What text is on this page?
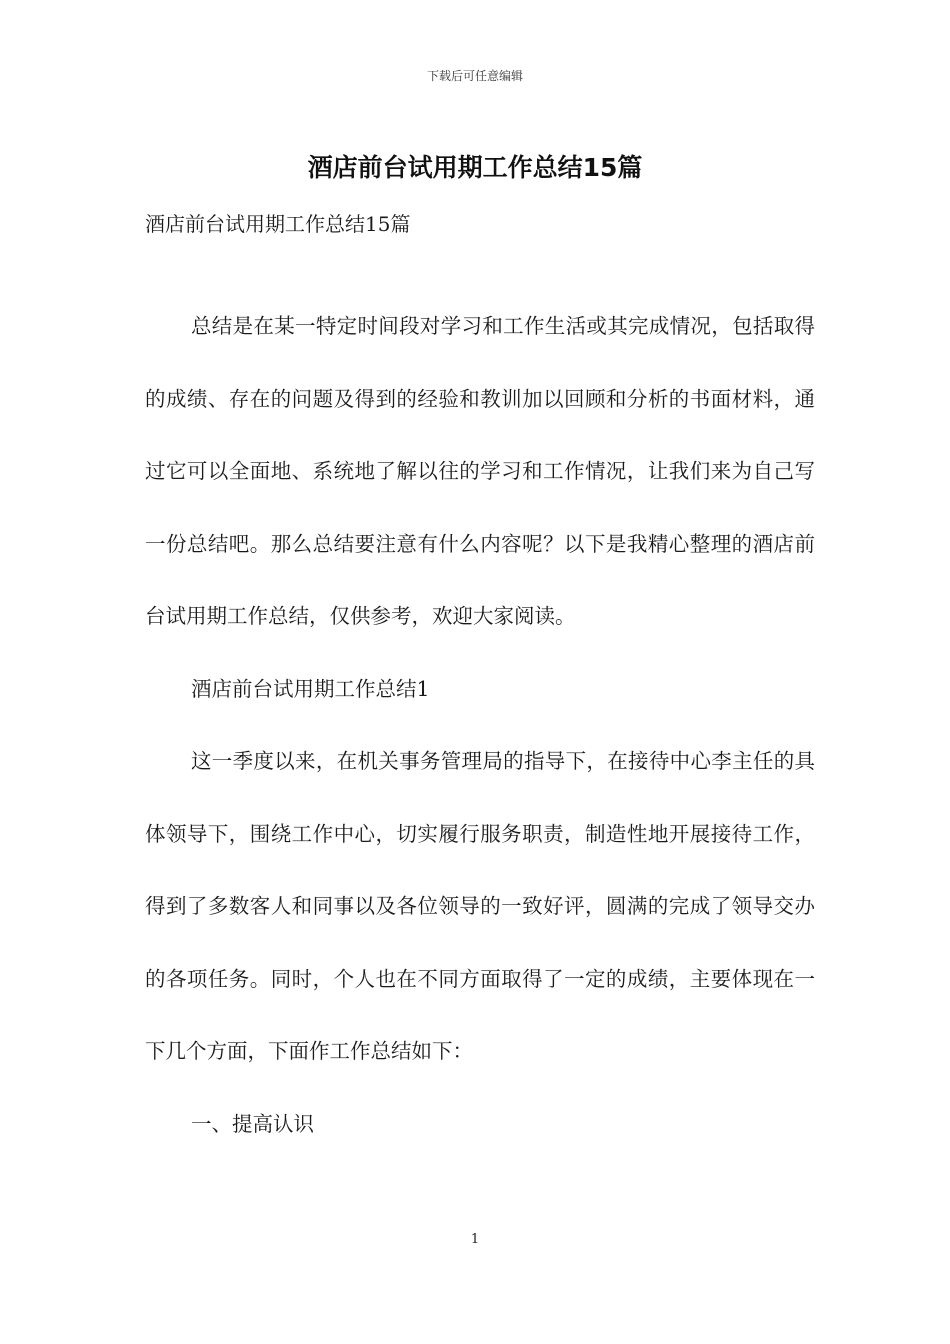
下载后可任意编辑
酒店前台试用期工作总结15篇

酒店前台试用期工作总结15篇

总结是在某一特定时间段对学习和工作生活或其完成情况，包括取得的成绩、存在的问题及得到的经验和教训加以回顾和分析的书面材料，通过它可以全面地、系统地了解以往的学习和工作情况，让我们来为自己写一份总结吧。那么总结要注意有什么内容呢？以下是我精心整理的酒店前台试用期工作总结，仅供参考，欢迎大家阅读。

酒店前台试用期工作总结1

这一季度以来，在机关事务管理局的指导下，在接待中心李主任的具体领导下，围绕工作中心，切实履行服务职责，制造性地开展接待工作，得到了多数客人和同事以及各位领导的一致好评，圆满的完成了领导交办的各项任务。同时，个人也在不同方面取得了一定的成绩，主要体现在一下几个方面，下面作工作总结如下：

一、提高认识

1
